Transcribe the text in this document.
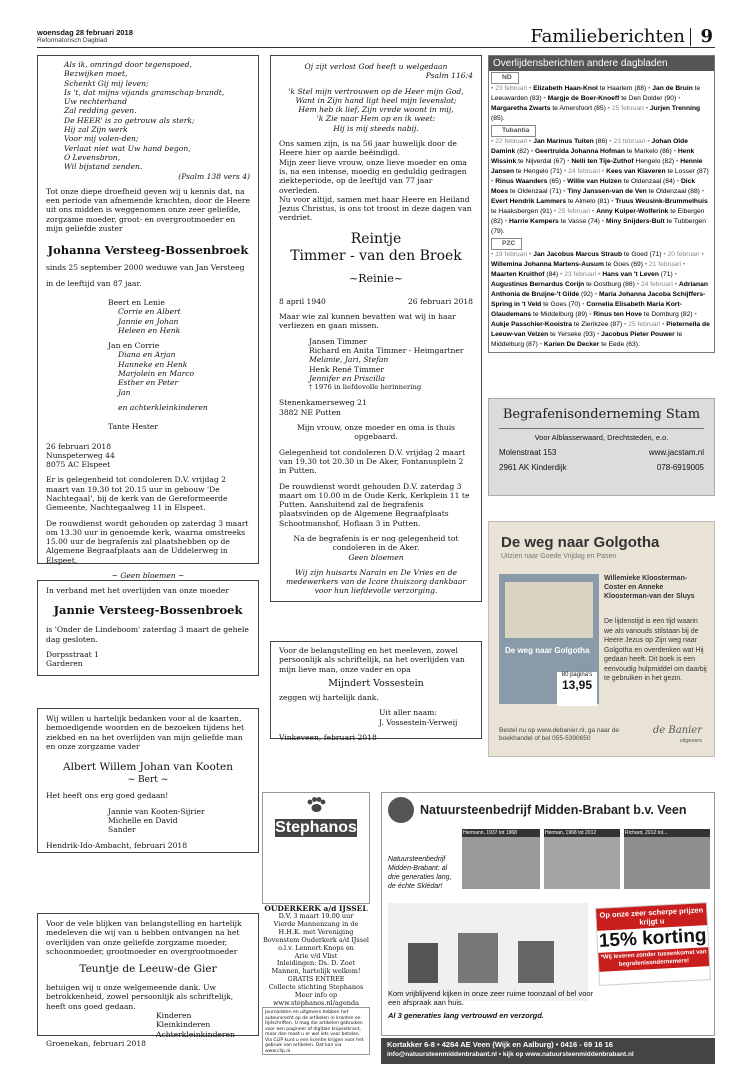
woensdag 28 februari 2018
Reformatorisch Dagblad	Familieberichten 9
Als ik, omringd door tegenspoed,
Bezwijken moet,
Schenkt Gij mij leven;
Is 't, dat mijns vijands gramschap brandt,
Uw rechterhand
Zal redding geven.
De HEER' is zo getrouw als sterk;
Hij zal Zijn werk
Voor mij volen-den;
Verlaat niet wat Uw hand begon,
O Levensbron,
Wil bijstand zenden.
(Psalm 138 vers 4)
Tot onze diepe droefheid geven wij u kennis dat, na een periode van afnemende krachten, door de Heere uit ons midden is weggenomen onze zeer geliefde, zorgzame moeder, groot- en overgrootmoeder en mijn geliefde zuster
Johanna Versteeg-Bossenbroek
sinds 25 september 2000 weduwe van Jan Versteeg
in de leeftijd van 87 jaar.
Beert en Lenie
Corrie en Albert
Jannie en Johan
Heleen en Henk
Jan en Corrie
Diana en Arjan
Hanneke en Henk
Marjolein en Marco
Esther en Peter
Jan
en achterkleinkinderen
Tante Hester
26 februari 2018
Nunspeterweg 44
8075 AC Elspeet
Er is gelegenheid tot condoleren D.V. vrijdag 2 maart van 19.30 tot 20.15 uur in gebouw 'De Nachtegaal', bij de kerk van de Gereformeerde Gemeente, Nachtegaalweg 11 in Elspeet.
De rouwdienst wordt gehouden op zaterdag 3 maart om 13.30 uur in genoemde kerk, waarna omstreeks 15.00 uur de begrafenis zal plaatshebben op de Algemene Begraafplaats aan de Uddelerweg in Elspeet.
~ Geen bloemen ~
In verband met het overlijden van onze moeder
Jannie Versteeg-Bossenbroek
is 'Onder de Lindeboom' zaterdag 3 maart de gehele dag gesloten.
Dorpsstraat 1
Garderen
Wij willen u hartelijk bedanken voor al de kaarten, bemoedigende woorden en de bezoeken tijdens het ziekbed en na het overlijden van mijn geliefde man en onze zorgzame vader
Albert Willem Johan van Kooten
~ Bert ~
Het heeft ons erg goed gedaan!
Jannie van Kooten-Sijrier
Michelle en David
Sander
Hendrik-Ido-Ambacht, februari 2018
Voor de vele blijken van belangstelling en hartelijk medeleven die wij van u hebben ontvangen na het overlijden van onze geliefde zorgzame moeder, schoonmoeder, grootmoeder en overgrootmoeder
Teuntje de Leeuw-de Gier
betuigen wij u onze welgemeende dank. Uw betrokkenheid, zowel persoonlijk als schriftelijk, heeft ons goed gedaan.
Kinderen
Kleinkinderen
Achterkleinkinderen
Groenekan, februari 2018
Oj zijt verlost God heeft u welgedaan
Psalm 116:4
'k Stel mijn vertrouwen op de Heer mijn God,
Want in Zijn hand ligt heel mijn levenslot;
Hem heb ik lief, Zijn vrede woont in mij,
'k Zie naar Hem op en ik weet:
Hij is mij steeds nabij.
Ons samen zijn, is na 56 jaar huwelijk door de Heere hier op aarde beëindigd.
Mijn zeer lieve vrouw, onze lieve moeder en oma is, na een intense, moedig en geduldig gedragen ziekteperiode, op de leeftijd van 77 jaar overleden.
Nu voor altijd, samen met haar Heere en Heiland Jezus Christus, is ons tot troost in deze dagen van verdriet.
Reintje
Timmer - van den Broek
~Reinie~
8 april 1940	26 februari 2018
Maar wie zal kunnen bevatten wat wij in haar verliezen en gaan missen.
Jansen Timmer
Richard en Anita Timmer - Heimgartner
Melanie, Jari, Stefan
Henk René Timmer
Jennifer en Priscilla
† 1976 in liefdevolle herinnering
Stenenkamerseweg 21
3882 NE Putten
Mijn vrouw, onze moeder en oma is thuis opgebaard.
Gelegenheid tot condoleren D.V. vrijdag 2 maart van 19.30 tot 20.30 in De Aker, Fontanusplein 2 in Putten.
De rouwdienst wordt gehouden D.V. zaterdag 3 maart om 10.00 in de Oude Kerk, Kerkplein 11 te Putten. Aansluitend zal de begrafenis plaatsvinden op de Algemene Begraafplaats Schootmanshof, Hoflaan 3 in Putten.
Na de begrafenis is er nog gelegenheid tot condoleren in de Aker.
Geen bloemen
Wij zijn huisarts Narain en De Vries en de medewerkers van de Icare thuiszorg dankbaar voor hun liefdevolle verzorging.
Voor de belangstelling en het meeleven, zowel persoonlijk als schriftelijk, na het overlijden van mijn lieve man, onze vader en opa
Mijndert Vossestein
zeggen wij hartelijk dank.
Uit aller naam:
J. Vossestein-Verweij
Vinkeveen, februari 2018
Overlijdensberichten andere dagbladen
ND
• 23 februari • Elizabeth Haan-Knol te Haarlem (88) • Jan de Bruin te Leeuwarden (83) • Margje de Boer-Knoeff te Den Dolder (90) • Margaretha Zwarts te Amersfoort (85) • 25 februari • Jurjen Trenning (85).
Tubantia
• 22 februari • Jan Marinus Tuiten (86) • 23 februari • Johan Olde Damink (82) • Geertruida Johanna Hofman te Markelo (86) • Henk Wissink te Nijverdal (67) • Nelli ten Tije-Zuthof Hengelo (82) • Hennie Jansen te Hengelo (71) • 24 februari • Kees van Klaveren te Losser (87) • Rinus Waanders (65) • Willie van Hulzen te Oldenzaal (84) • Dick Moes te Oldenzaal (71) • Tiny Janssen-van de Ven te Oldenzaal (88) • Evert Hendrik Lammers te Almelo (81) • Truus Weusink-Brummelhuis te Haaksbergen (91) • 25 februari • Anny Kuiper-Wolferink te Eibergen (82) • Harrie Kempers te Vasse (74) • Miny Snijders-Bult te Tubbergen (79).
PZC
• 19 februari • Jan Jacobus Marcus Straub te Goed (71) • 20 februari • Willemina Johanna Martens-Ausum te Goes (69) • 21 februari • Maarten Kruithof (84) • 23 februari • Hans van 't Leven (71) • Augustinus Bernardus Corijn te Oostburg (86) • 24 februari • Adrianan Anthonia de Bruijne-'t Gilde (92) • Maria Johanna Jacoba Schijffers-Spring in 't Veld te Goes (70) • Cornelia Elisabeth Maria Kort-Glaudemans te Middelburg (89) • Rinus ten Hove te Domburg (82) • Aukje Passchier-Kooistra te Zierikzee (87) • 25 februari • Pieternella de Leeuw-van Velzen te Yerseke (93) • Jacobus Pieter Pouwer te Middelburg (87) • Karien De Decker te Eede (63).
Begrafenisonderneming Stam
Voor Alblasserwaard, Drechtsteden, e.o.
Molenstraat 153	www.jacstam.nl
2961 AK Kinderdijk	078-6919005
De weg naar Golgotha
Uitzien naar Goede Vrijdag en Pasen
De weg naar Golgotha
80 pagina's
13,95
Willemieke Kloosterman-Coster en Anneke Kloosterman-van der Sluys
De lijdenstijd is een tijd waarin we als vanouds stilstaan bij de Heere Jezus op Zijn weg naar Golgotha en overdenken wat Hij gedaan heeft. Dit boek is een eenvoudig hulpmiddel om daarbij te gebruiken in het gezin.
Bestel nu op www.debanier.nl, ga naar de boekhandel of bel 055-5390650
de Banier
uitgevers
Stephanos
OUDERKERK a/d IJSSEL
D.V. 3 maart 19.00 uur
Vierde Mannenzang in de
H.H.K. met Vereniging
Bovenstem Ouderkerk a/d IJssel
o.l.v. Lennert Knops en
Arie v/d Vlist
Inleidingen: Ds. D. Zoet
Mannen, hartelijk welkom!
GRATIS ENTREE
Collecte stichting Stephanos
Meer info op
www.stephanos.nl/agenda
Journalisten en uitgevers hebben het auteursrecht op de artikelen in kranten en tijdschriften. U mag die artikelen gebruiken voor een pagineer of digitale knipselkrant, maar dan moet u er wel iets voor betalen. Via CLIP kunt u een licentie krijgen voor het gebruik van artikelen. Dat kan via www.clip.nl.
Natuursteenbedrijf Midden-Brabant b.v. Veen
Hermann, 1937 tot 1968	Herman, 1968 tot 2012	Richard, 2012 tot...
Natuursteenbedrijf Midden-Brabant: al drie generaties lang, de échte Sklédar!
Op onze zeer scherpe prijzen krijgt u
15% korting
*Wij leveren zonder tussenkomst van begrafenisondernemers!
Kom vrijblijvend kijken in onze zeer ruime toonzaal of bel voor een afspraak aan huis.
Al 3 generaties lang vertrouwd en verzorgd.
Kortakker 6-8 • 4264 AE Veen (Wijk en Aalburg) • 0416 - 69 16 16
info@natuursteenmiddenbrabant.nl • kijk op www.natuursteenmiddenbrabant.nl
